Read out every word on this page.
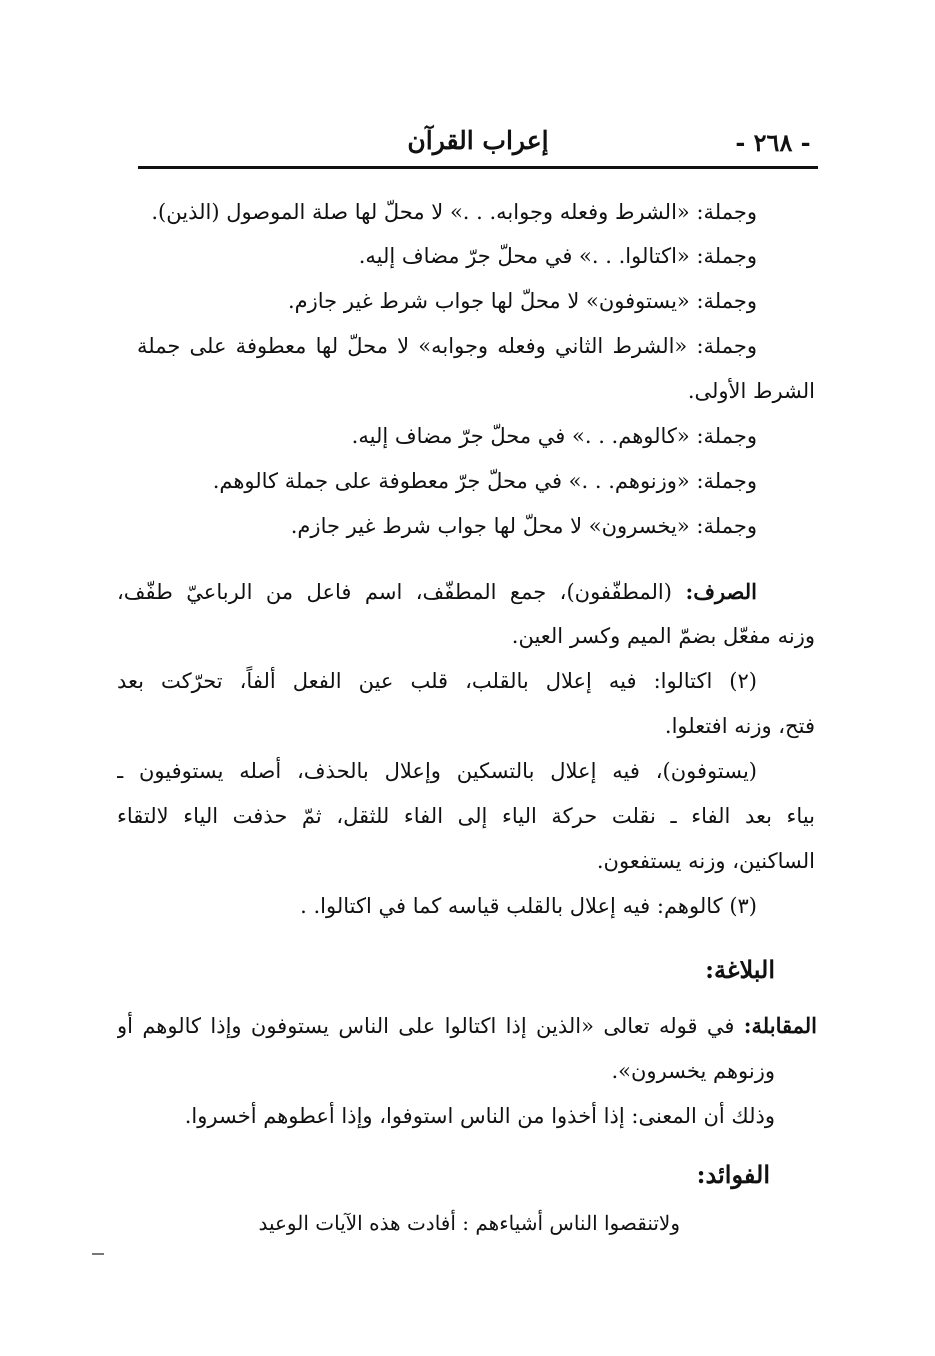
إعراب القرآن	- ٢٦٨ -
وجملة: «الشرط وفعله وجوابه. . .» لا محلّ لها صلة الموصول (الذين).
وجملة: «اكتالوا. . .» في محلّ جرّ مضاف إليه.
وجملة: «يستوفون» لا محلّ لها جواب شرط غير جازم.
وجملة: «الشرط الثاني وفعله وجوابه» لا محلّ لها معطوفة على جملة
الشرط الأولى.
وجملة: «كالوهم. . .» في محلّ جرّ مضاف إليه.
وجملة: «وزنوهم. . .» في محلّ جرّ معطوفة على جملة كالوهم.
وجملة: «يخسرون» لا محلّ لها جواب شرط غير جازم.
الصرف: (المطفّفون)، جمع المطفّف، اسم فاعل من الرباعيّ طفّف،
وزنه مفعّل بضمّ الميم وكسر العين.
(٢) اكتالوا: فيه إعلال بالقلب، قلب عين الفعل ألفاً، تحرّكت بعد
فتح، وزنه افتعلوا.
(يستوفون)، فيه إعلال بالتسكين وإعلال بالحذف، أصله يستوفيون ـ
بياء بعد الفاء ـ نقلت حركة الياء إلى الفاء للثقل، ثمّ حذفت الياء لالتقاء
الساكنين، وزنه يستفعون.
(٣) كالوهم: فيه إعلال بالقلب قياسه كما في اكتالوا. .
البلاغة:
المقابلة: في قوله تعالى «الذين إذا اكتالوا على الناس يستوفون وإذا كالوهم أو
وزنوهم يخسرون».
وذلك أن المعنى: إذا أخذوا من الناس استوفوا، وإذا أعطوهم أخسروا.
الفوائد:
ولاتنقصوا الناس أشياءهم : أفادت هذه الآيات الوعيد
